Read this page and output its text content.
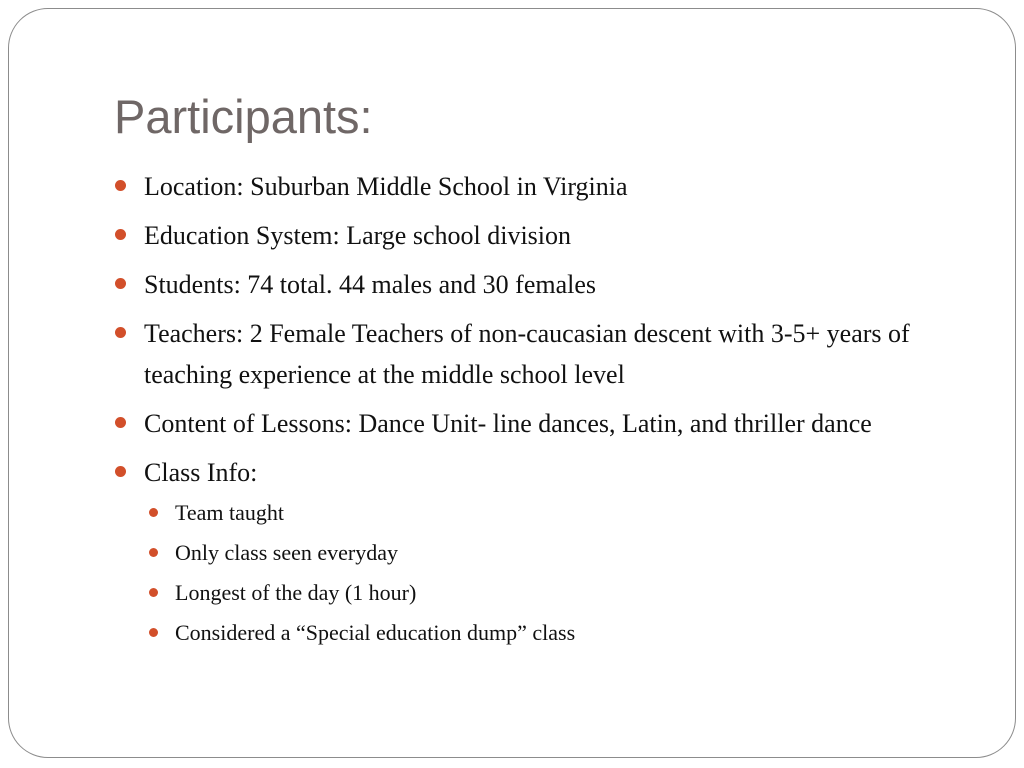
Participants:
Location: Suburban Middle School in Virginia
Education System: Large school division
Students: 74 total. 44 males and 30 females
Teachers: 2 Female Teachers of non-caucasian descent with 3-5+ years of teaching experience at the middle school level
Content of Lessons: Dance Unit- line dances, Latin, and thriller dance
Class Info:
Team taught
Only class seen everyday
Longest of the day (1 hour)
Considered a “Special education dump” class
